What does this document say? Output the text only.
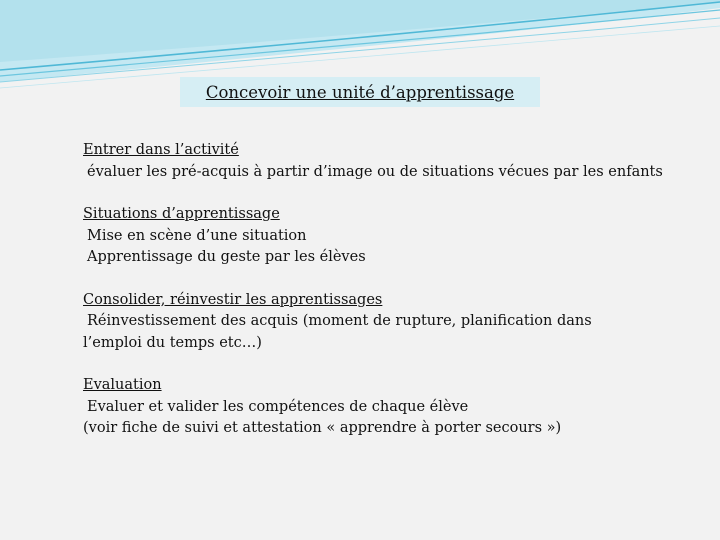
Concevoir une unité d’apprentissage
Entrer dans l’activité
évaluer les pré-acquis à partir d’image ou de situations vécues par les enfants
Situations d’apprentissage
Mise en scène d’une situation
Apprentissage du geste par les élèves
Consolider, réinvestir les apprentissages
Réinvestissement des acquis (moment de rupture, planification dans
l’emploi du temps etc…)
Evaluation
Evaluer et valider les compétences de chaque élève
(voir fiche de suivi et attestation « apprendre à porter secours »)
